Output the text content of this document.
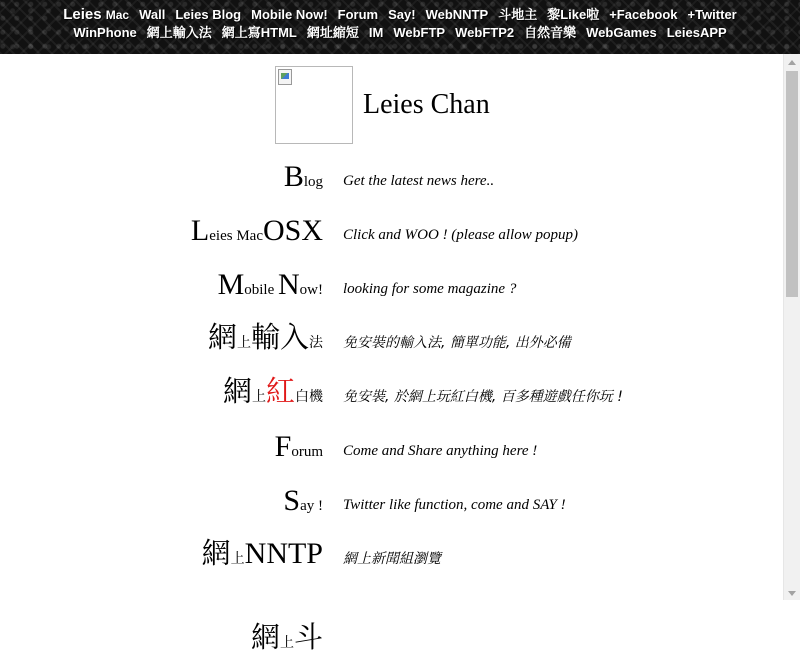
Leies Mac Wall Leies Blog Mobile Now! Forum Say! WebNNTP 斗地主 黎Like啦 +Facebook +Twitter
WinPhone 網上輸入法 網上寫HTML 網址縮短 IM WebFTP WebFTP2 自然音樂 WebGames LeiesAPP
Leies Chan
Blog Get the latest news here..
Leies MacOSX Click and WOO ! (please allow popup)
Mobile Now! looking for some magazine ?
網上輸入法 免安裝的輸入法, 簡單功能, 出外必備
網上紅白機 免安裝, 於網上玩紅白機, 百多種遊戲任你玩 !
Forum Come and Share anything here !
Say ! Twitter like function, come and SAY !
網上NNTP 網上新聞組瀏覽
網上斗
